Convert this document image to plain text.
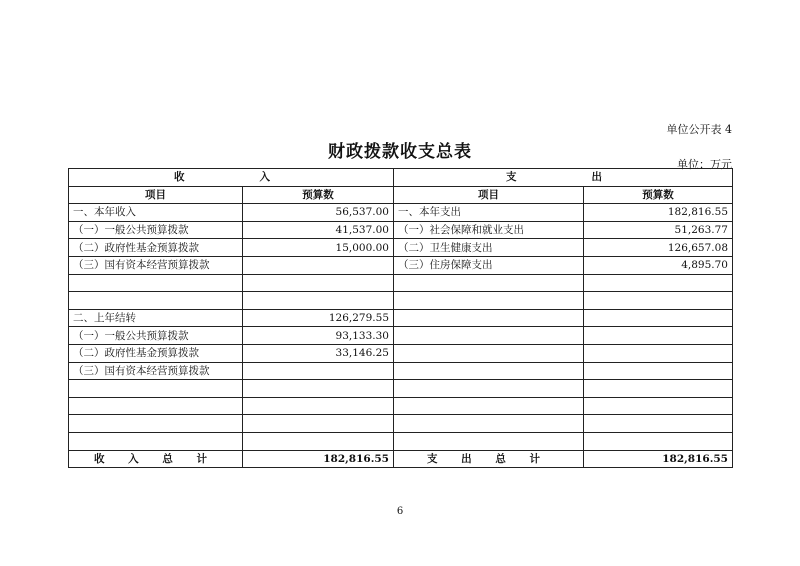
单位公开表 4
财政拨款收支总表
单位：万元
收　　入		支　　出	
项目	预算数	项目	预算数
一、本年收入	56,537.00	一、本年支出	182,816.55
（一）一般公共预算拨款	41,537.00	（一）社会保障和就业支出	51,263.77
（二）政府性基金预算拨款	15,000.00	（二）卫生健康支出	126,657.08
（三）国有资本经营预算拨款		（三）住房保障支出	4,895.70

二、上年结转	126,279.55		
（一）一般公共预算拨款	93,133.30		
（二）政府性基金预算拨款	33,146.25		
（三）国有资本经营预算拨款			

收 入 总 计	182,816.55	支 出 总 计	182,816.55
6
